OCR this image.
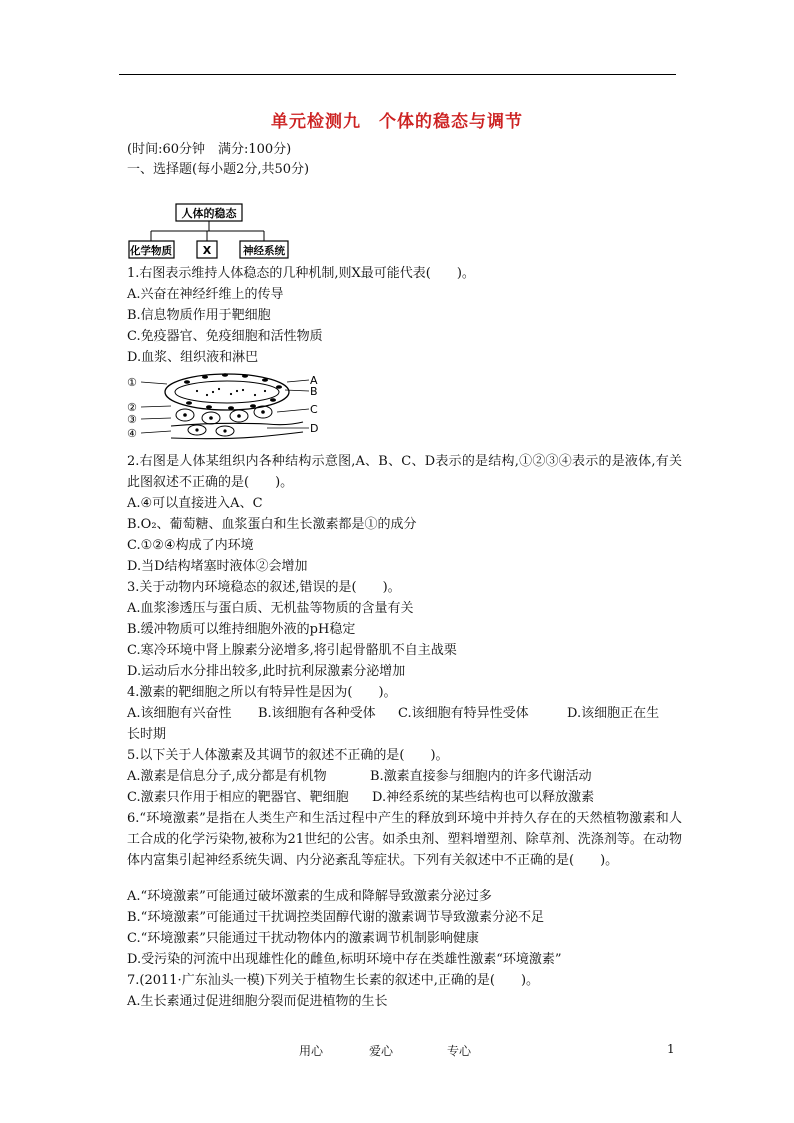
单元检测九　个体的稳态与调节
(时间:60分钟　满分:100分)
一、选择题(每小题2分,共50分)
人体的稳态
化学物质	X	神经系统
1.右图表示维持人体稳态的几种机制,则X最可能代表(　　)。
A.兴奋在神经纤维上的传导
B.信息物质作用于靶细胞
C.免疫器官、免疫细胞和活性物质
D.血浆、组织液和淋巴
①
②
③
④
A
B
C
D
2.右图是人体某组织内各种结构示意图,A、B、C、D表示的是结构,①②③④表示的是液体,有关此图叙述不正确的是(　　)。
A.④可以直接进入A、C
B.O₂、葡萄糖、血浆蛋白和生长激素都是①的成分
C.①②④构成了内环境
D.当D结构堵塞时液体②会增加
3.关于动物内环境稳态的叙述,错误的是(　　)。
A.血浆渗透压与蛋白质、无机盐等物质的含量有关
B.缓冲物质可以维持细胞外液的pH稳定
C.寒冷环境中肾上腺素分泌增多,将引起骨骼肌不自主战栗
D.运动后水分排出较多,此时抗利尿激素分泌增加
4.激素的靶细胞之所以有特异性是因为(　　)。
A.该细胞有兴奋性 B.该细胞有各种受体 C.该细胞有特异性受体	D.该细胞正在生
长时期
5.以下关于人体激素及其调节的叙述不正确的是(　　)。
A.激素是信息分子,成分都是有机物	B.激素直接参与细胞内的许多代谢活动
C.激素只作用于相应的靶器官、靶细胞 D.神经系统的某些结构也可以释放激素
6.“环境激素”是指在人类生产和生活过程中产生的释放到环境中并持久存在的天然植物激素和人工合成的化学污染物,被称为21世纪的公害。如杀虫剂、塑料增塑剂、除草剂、洗涤剂等。在动物体内富集引起神经系统失调、内分泌紊乱等症状。下列有关叙述中不正确的是(　　)。
A.“环境激素”可能通过破坏激素的生成和降解导致激素分泌过多
B.“环境激素”可能通过干扰调控类固醇代谢的激素调节导致激素分泌不足
C.“环境激素”只能通过干扰动物体内的激素调节机制影响健康
D.受污染的河流中出现雄性化的雌鱼,标明环境中存在类雄性激素“环境激素”
7.(2011·广东汕头一模)下列关于植物生长素的叙述中,正确的是(　　)。
A.生长素通过促进细胞分裂而促进植物的生长
用心	爱心	专心	1
